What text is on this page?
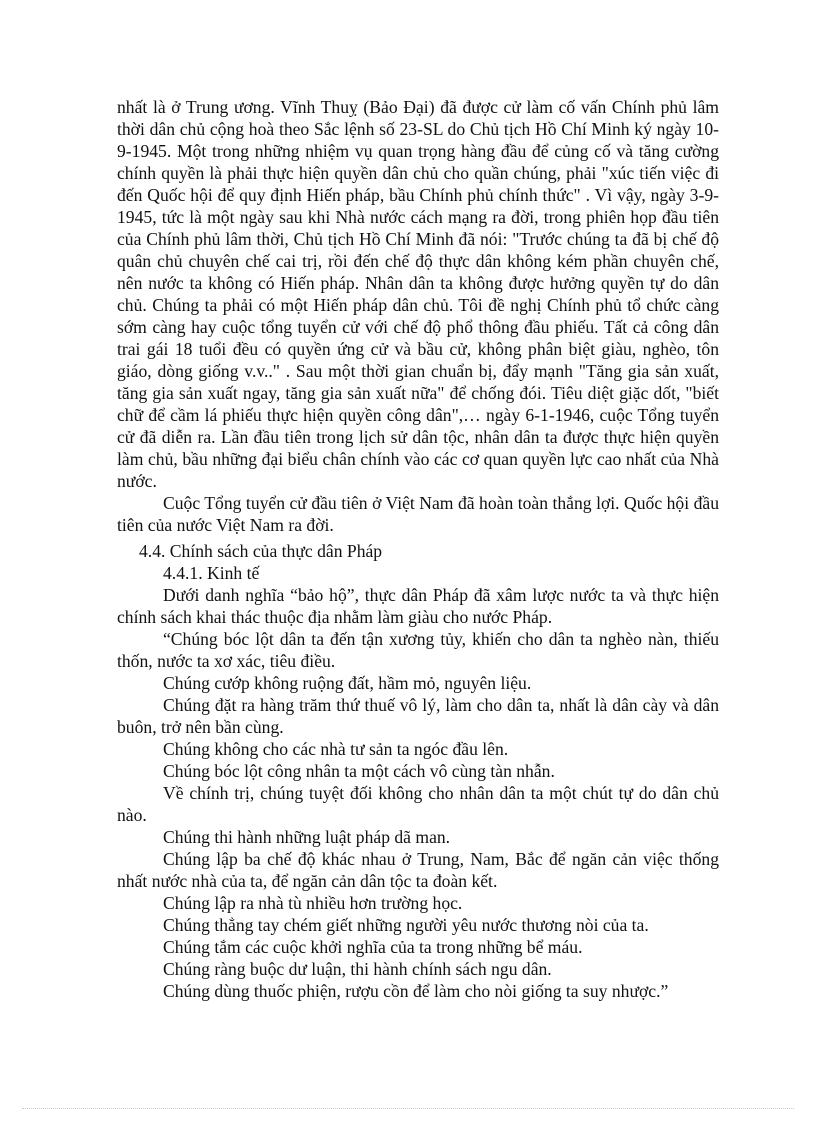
nhất là ở Trung ương. Vĩnh Thuỵ (Bảo Đại) đã được cử làm cố vấn Chính phủ lâm thời dân chủ cộng hoà theo Sắc lệnh số 23-SL do Chủ tịch Hồ Chí Minh ký ngày 10-9-1945. Một trong những nhiệm vụ quan trọng hàng đầu để củng cố và tăng cường chính quyền là phải thực hiện quyền dân chủ cho quần chúng, phải "xúc tiến việc đi đến Quốc hội để quy định Hiến pháp, bầu Chính phủ chính thức" . Vì vậy, ngày 3-9-1945, tức là một ngày sau khi Nhà nước cách mạng ra đời, trong phiên họp đầu tiên của Chính phủ lâm thời, Chủ tịch Hồ Chí Minh đã nói: "Trước chúng ta đã bị chế độ quân chủ chuyên chế cai trị, rồi đến chế độ thực dân không kém phần chuyên chế, nên nước ta không có Hiến pháp. Nhân dân ta không được hưởng quyền tự do dân chủ. Chúng ta phải có một Hiến pháp dân chủ. Tôi đề nghị Chính phủ tổ chức càng sớm càng hay cuộc tổng tuyển cử với chế độ phổ thông đầu phiếu. Tất cả công dân trai gái 18 tuổi đều có quyền ứng cử và bầu cử, không phân biệt giàu, nghèo, tôn giáo, dòng giống v.v.." . Sau một thời gian chuẩn bị, đẩy mạnh "Tăng gia sản xuất, tăng gia sản xuất ngay, tăng gia sản xuất nữa" để chống đói. Tiêu diệt giặc dốt, "biết chữ để cầm lá phiếu thực hiện quyền công dân",… ngày 6-1-1946, cuộc Tổng tuyển cử đã diễn ra. Lần đầu tiên trong lịch sử dân tộc, nhân dân ta được thực hiện quyền làm chủ, bầu những đại biểu chân chính vào các cơ quan quyền lực cao nhất của Nhà nước.

Cuộc Tổng tuyển cử đầu tiên ở Việt Nam đã hoàn toàn thắng lợi. Quốc hội đầu tiên của nước Việt Nam ra đời.

4.4. Chính sách của thực dân Pháp

4.4.1. Kinh tế

Dưới danh nghĩa “bảo hộ”, thực dân Pháp đã xâm lược nước ta và thực hiện chính sách khai thác thuộc địa nhằm làm giàu cho nước Pháp.

“Chúng bóc lột dân ta đến tận xương tủy, khiến cho dân ta nghèo nàn, thiếu thốn, nước ta xơ xác, tiêu điều.

Chúng cướp không ruộng đất, hầm mỏ, nguyên liệu.

Chúng đặt ra hàng trăm thứ thuế vô lý, làm cho dân ta, nhất là dân cày và dân buôn, trở nên bần cùng.

Chúng không cho các nhà tư sản ta ngóc đầu lên.

Chúng bóc lột công nhân ta một cách vô cùng tàn nhẫn.

Về chính trị, chúng tuyệt đối không cho nhân dân ta một chút tự do dân chủ nào.

Chúng thi hành những luật pháp dã man.

Chúng lập ba chế độ khác nhau ở Trung, Nam, Bắc để ngăn cản việc thống nhất nước nhà của ta, để ngăn cản dân tộc ta đoàn kết.

Chúng lập ra nhà tù nhiều hơn trường học.

Chúng thẳng tay chém giết những người yêu nước thương nòi của ta.

Chúng tắm các cuộc khởi nghĩa của ta trong những bể máu.

Chúng ràng buộc dư luận, thi hành chính sách ngu dân.

Chúng dùng thuốc phiện, rượu cồn để làm cho nòi giống ta suy nhược.”
